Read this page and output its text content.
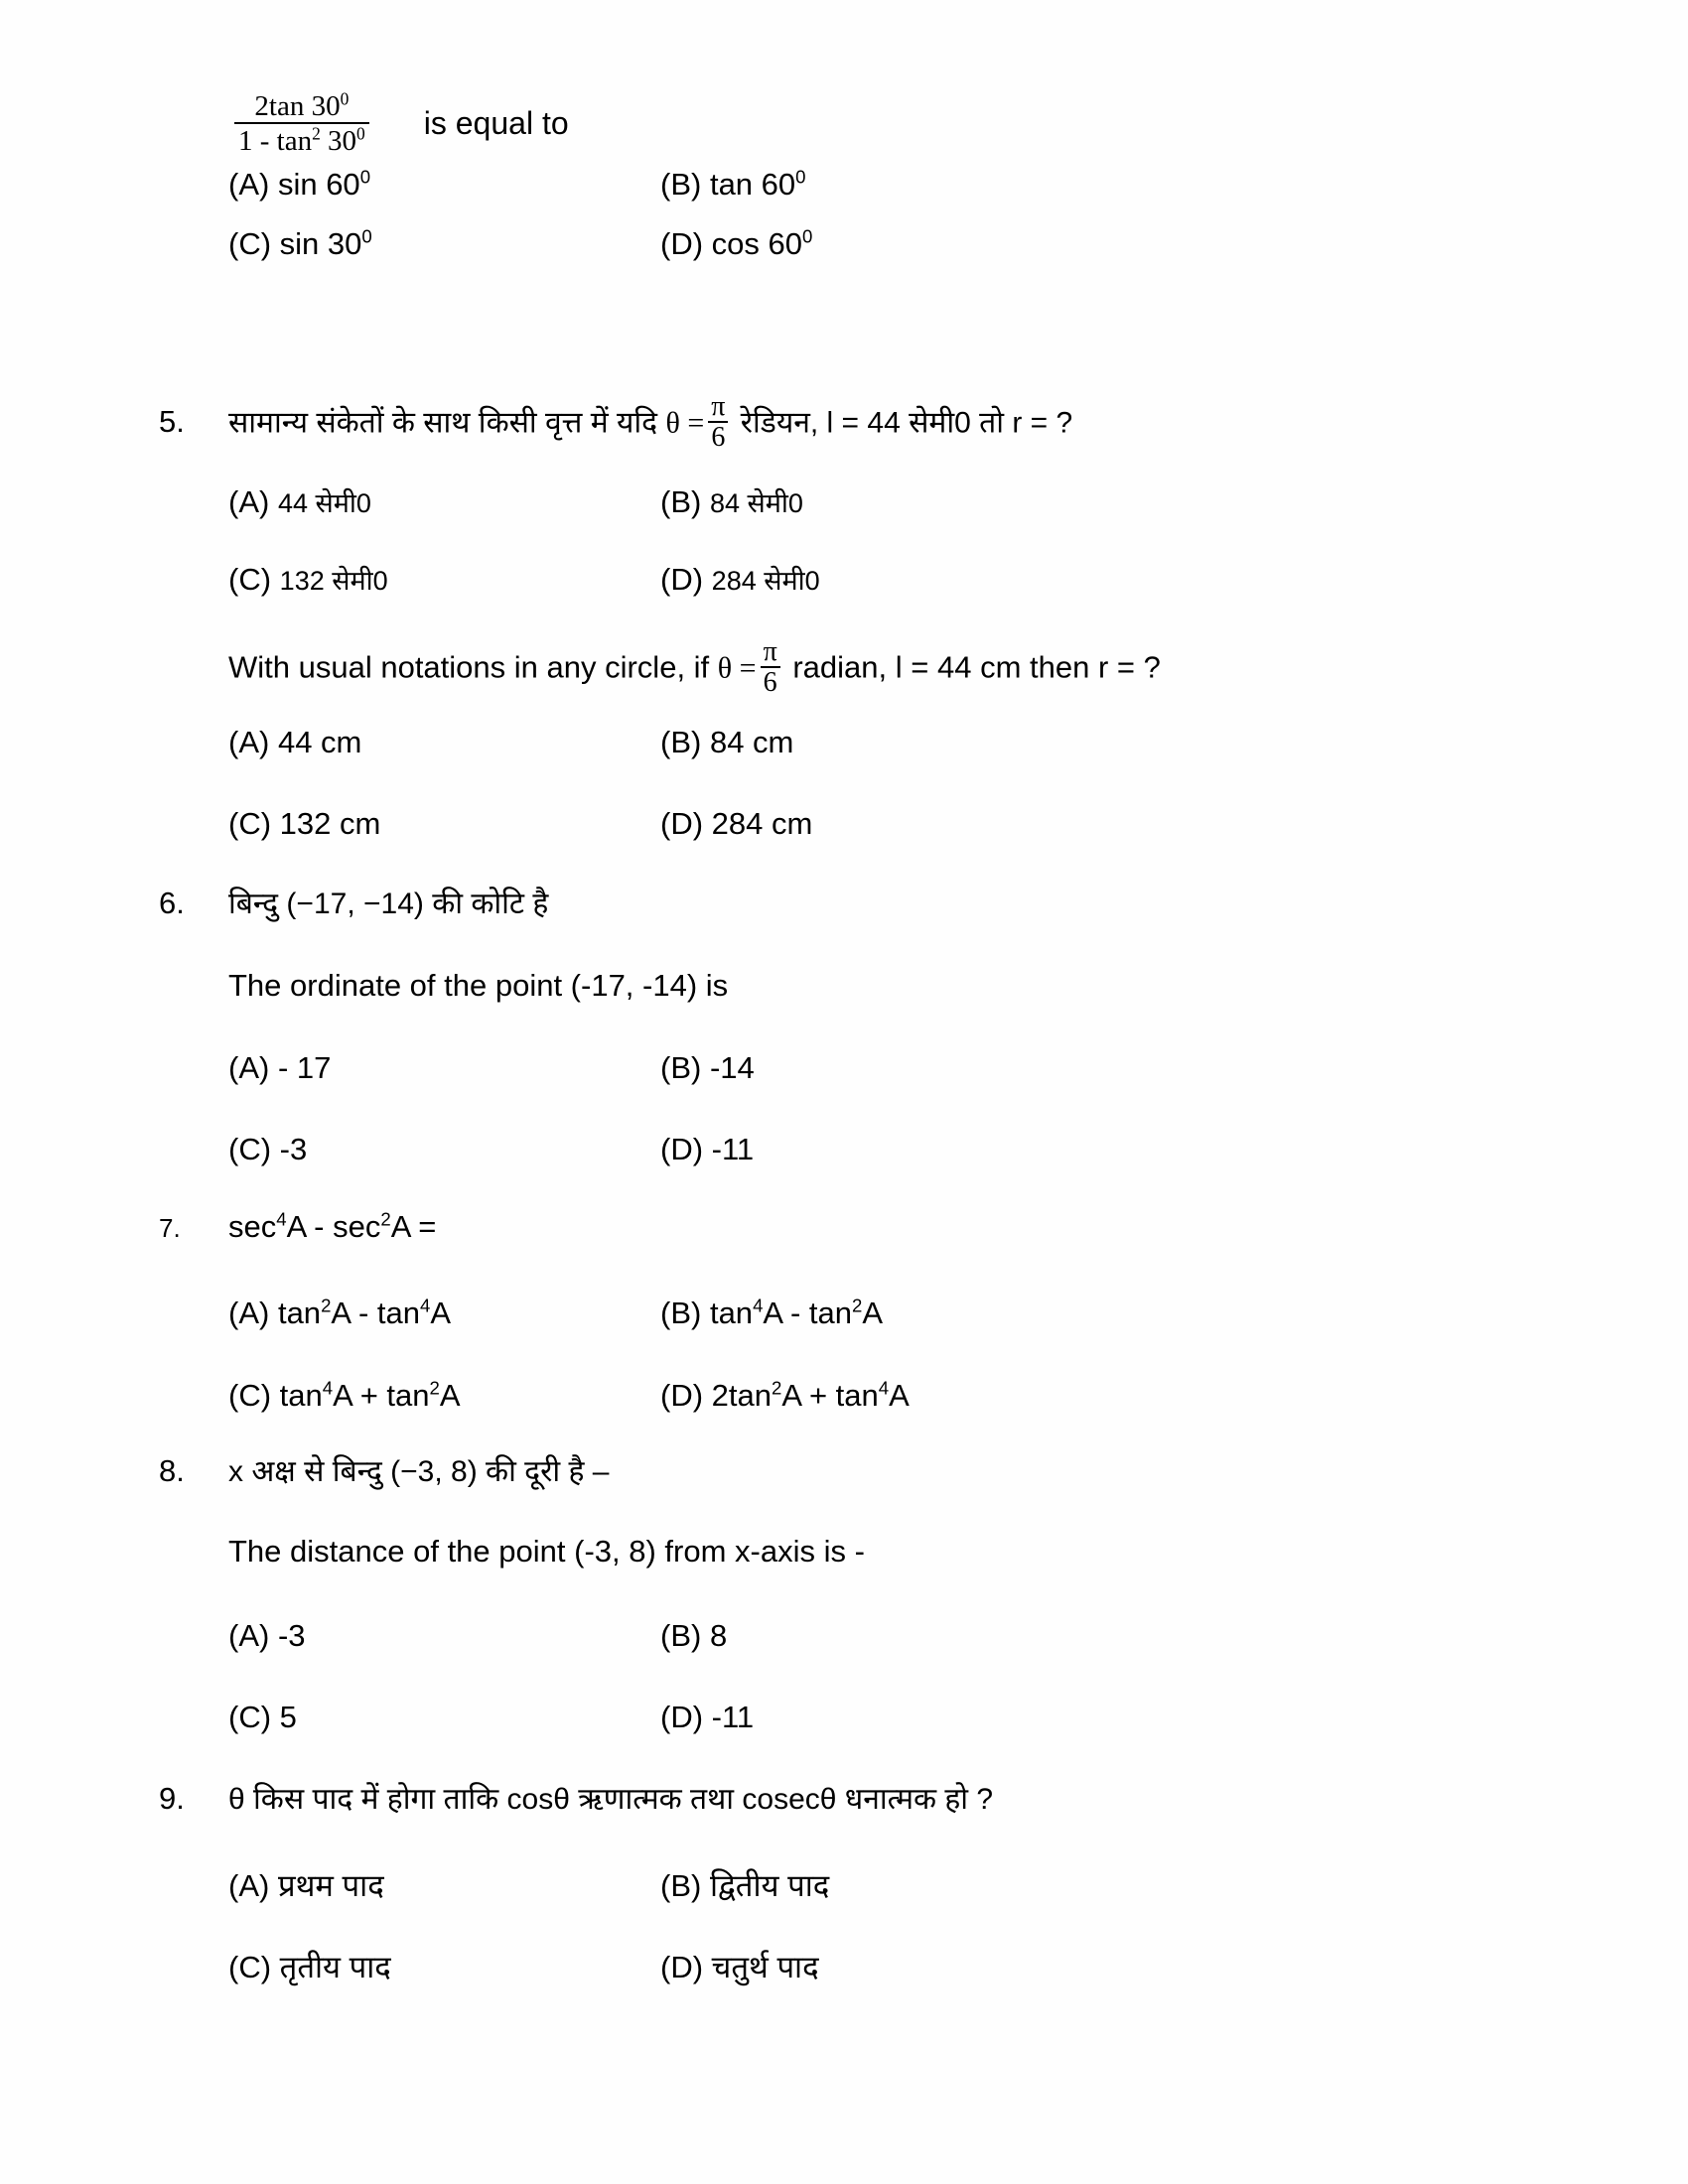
$\frac{2\tan 30^0}{1 - \tan^2 30^0}$ is equal to
(A) $\sin 60^0$	(B) $\tan 60^0$
(C) $\sin 30^0$	(D) $\cos 60^0$
5.	सामान्य संकेतों के साथ किसी वृत्त में यदि $\theta = \frac{\pi}{6}$ रेडियन, l = 44 सेमी0 तो r = ?
(A) 44 सेमी0	(B) 84 सेमी0
(C) 132 सेमी0	(D) 284 सेमी0
With usual notations in any circle, if $\theta = \frac{\pi}{6}$ radian, l = 44 cm then r = ?
(A) 44 cm	(B) 84 cm
(C) 132 cm	(D) 284 cm
6.	बिन्दु (−17, −14) की कोटि है
The ordinate of the point (-17, -14) is
(A) - 17	(B) -14
(C) -3	(D) -11
7.	$\sec^4A - \sec^2A$ =
(A) $\tan^2A - \tan^4A$	(B) $\tan^4A - \tan^2A$
(C) $\tan^4A + \tan^2A$	(D) $2\tan^2A + \tan^4A$
8.	x अक्ष से बिन्दु (−3, 8) की दूरी है –
The distance of the point (-3, 8) from x-axis is -
(A) -3	(B) 8
(C) 5	(D) -11
9.	θ किस पाद में होगा ताकि cosθ ऋणात्मक तथा cosecθ धनात्मक हो ?
(A) प्रथम पाद	(B) द्वितीय पाद
(C) तृतीय पाद	(D) चतुर्थ पाद
